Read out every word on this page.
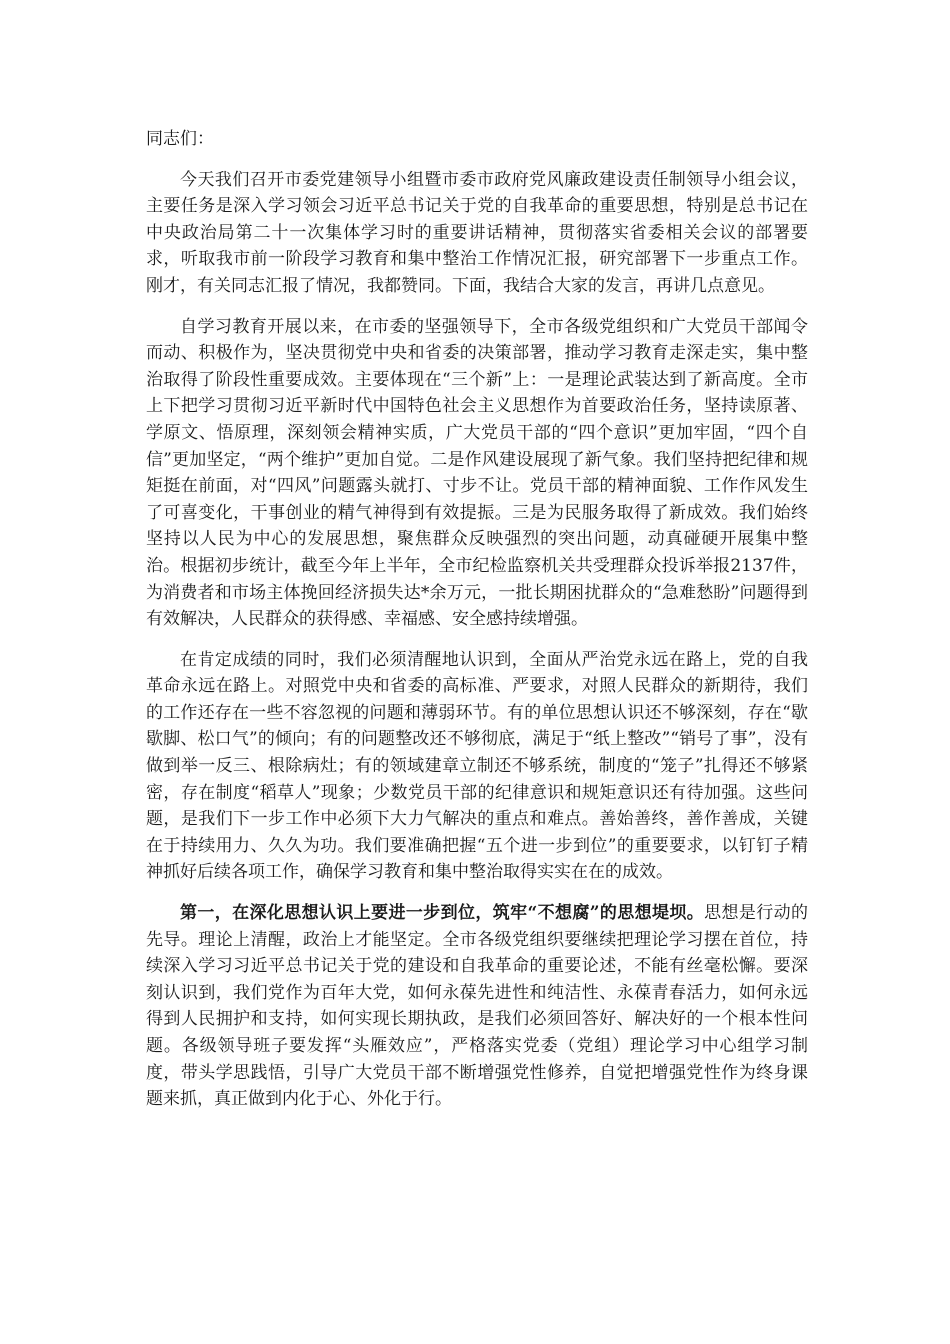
同志们：

今天我们召开市委党建领导小组暨市委市政府党风廉政建设责任制领导小组会议，主要任务是深入学习领会习近平总书记关于党的自我革命的重要思想，特别是总书记在中央政治局第二十一次集体学习时的重要讲话精神，贯彻落实省委相关会议的部署要求，听取我市前一阶段学习教育和集中整治工作情况汇报，研究部署下一步重点工作。刚才，有关同志汇报了情况，我都赞同。下面，我结合大家的发言，再讲几点意见。

自学习教育开展以来，在市委的坚强领导下，全市各级党组织和广大党员干部闻令而动、积极作为，坚决贯彻党中央和省委的决策部署，推动学习教育走深走实，集中整治取得了阶段性重要成效。主要体现在“三个新”上：一是理论武装达到了新高度。全市上下把学习贯彻习近平新时代中国特色社会主义思想作为首要政治任务，坚持读原著、学原文、悟原理，深刻领会精神实质，广大党员干部的“四个意识”更加牢固，“四个自信”更加坚定，“两个维护”更加自觉。二是作风建设展现了新气象。我们坚持把纪律和规矩挺在前面，对“四风”问题露头就打、寸步不让。党员干部的精神面貌、工作作风发生了可喜变化，干事创业的精气神得到有效提振。三是为民服务取得了新成效。我们始终坚持以人民为中心的发展思想，聚焦群众反映强烈的突出问题，动真碰硬开展集中整治。根据初步统计，截至今年上半年，全市纪检监察机关共受理群众投诉举报2137件，为消费者和市场主体挽回经济损失达*余万元，一批长期困扰群众的“急难愁盼”问题得到有效解决，人民群众的获得感、幸福感、安全感持续增强。

在肯定成绩的同时，我们必须清醒地认识到，全面从严治党永远在路上，党的自我革命永远在路上。对照党中央和省委的高标准、严要求，对照人民群众的新期待，我们的工作还存在一些不容忽视的问题和薄弱环节。有的单位思想认识还不够深刻，存在“歇歇脚、松口气”的倾向；有的问题整改还不够彻底，满足于“纸上整改”“销号了事”，没有做到举一反三、根除病灶；有的领域建章立制还不够系统，制度的“笼子”扎得还不够紧密，存在制度“稻草人”现象；少数党员干部的纪律意识和规矩意识还有待加强。这些问题，是我们下一步工作中必须下大力气解决的重点和难点。善始善终，善作善成，关键在于持续用力、久久为功。我们要准确把握“五个进一步到位”的重要要求，以钉钉子精神抓好后续各项工作，确保学习教育和集中整治取得实实在在的成效。

第一，在深化思想认识上要进一步到位，筑牢“不想腐”的思想堤坝。思想是行动的先导。理论上清醒，政治上才能坚定。全市各级党组织要继续把理论学习摆在首位，持续深入学习习近平总书记关于党的建设和自我革命的重要论述，不能有丝毫松懈。要深刻认识到，我们党作为百年大党，如何永葆先进性和纯洁性、永葆青春活力，如何永远得到人民拥护和支持，如何实现长期执政，是我们必须回答好、解决好的一个根本性问题。各级领导班子要发挥“头雁效应”，严格落实党委（党组）理论学习中心组学习制度，带头学思践悟，引导广大党员干部不断增强党性修养，自觉把增强党性作为终身课题来抓，真正做到内化于心、外化于行。
